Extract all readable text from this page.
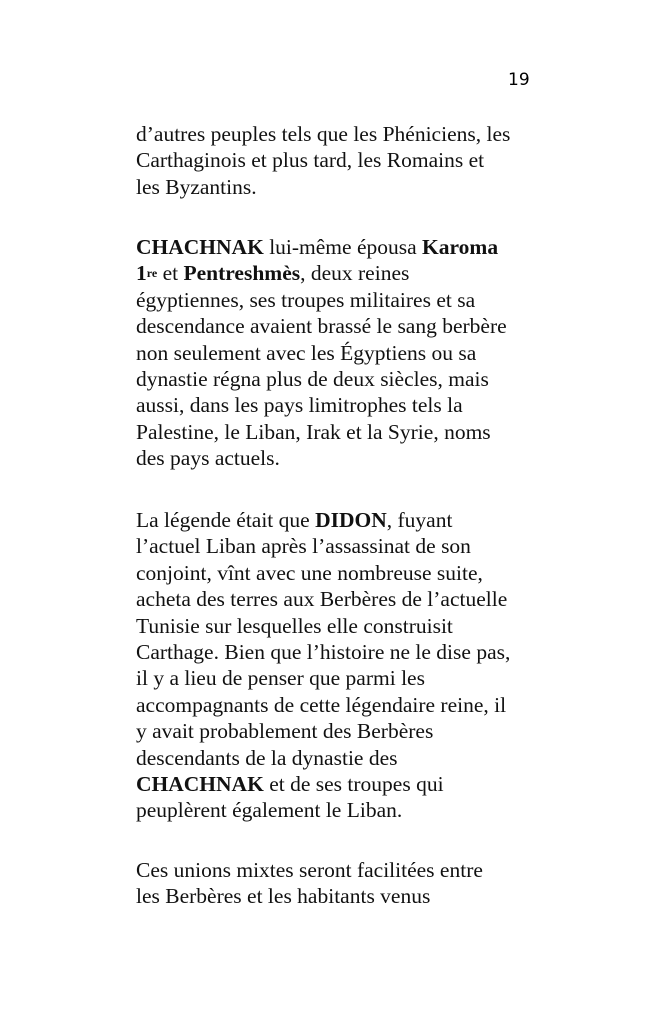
19

d’autres peuples tels que les Phéniciens, les
Carthaginois et plus tard, les Romains et
les Byzantins.

CHACHNAK lui-même épousa Karoma
1re et Pentreshmès, deux reines
égyptiennes, ses troupes militaires et sa
descendance avaient brassé le sang berbère
non seulement avec les Égyptiens ou sa
dynastie régna plus de deux siècles, mais
aussi, dans les pays limitrophes tels la
Palestine, le Liban, Irak et la Syrie, noms
des pays actuels.

La légende était que DIDON, fuyant
l’actuel Liban après l’assassinat de son
conjoint, vînt avec une nombreuse suite,
acheta des terres aux Berbères de l’actuelle
Tunisie sur lesquelles elle construisit
Carthage. Bien que l’histoire ne le dise pas,
il y a lieu de penser que parmi les
accompagnants de cette légendaire reine, il
y avait probablement des Berbères
descendants de la dynastie des
CHACHNAK et de ses troupes qui
peuplèrent également le Liban.

Ces unions mixtes seront facilitées entre
les Berbères et les habitants venus
